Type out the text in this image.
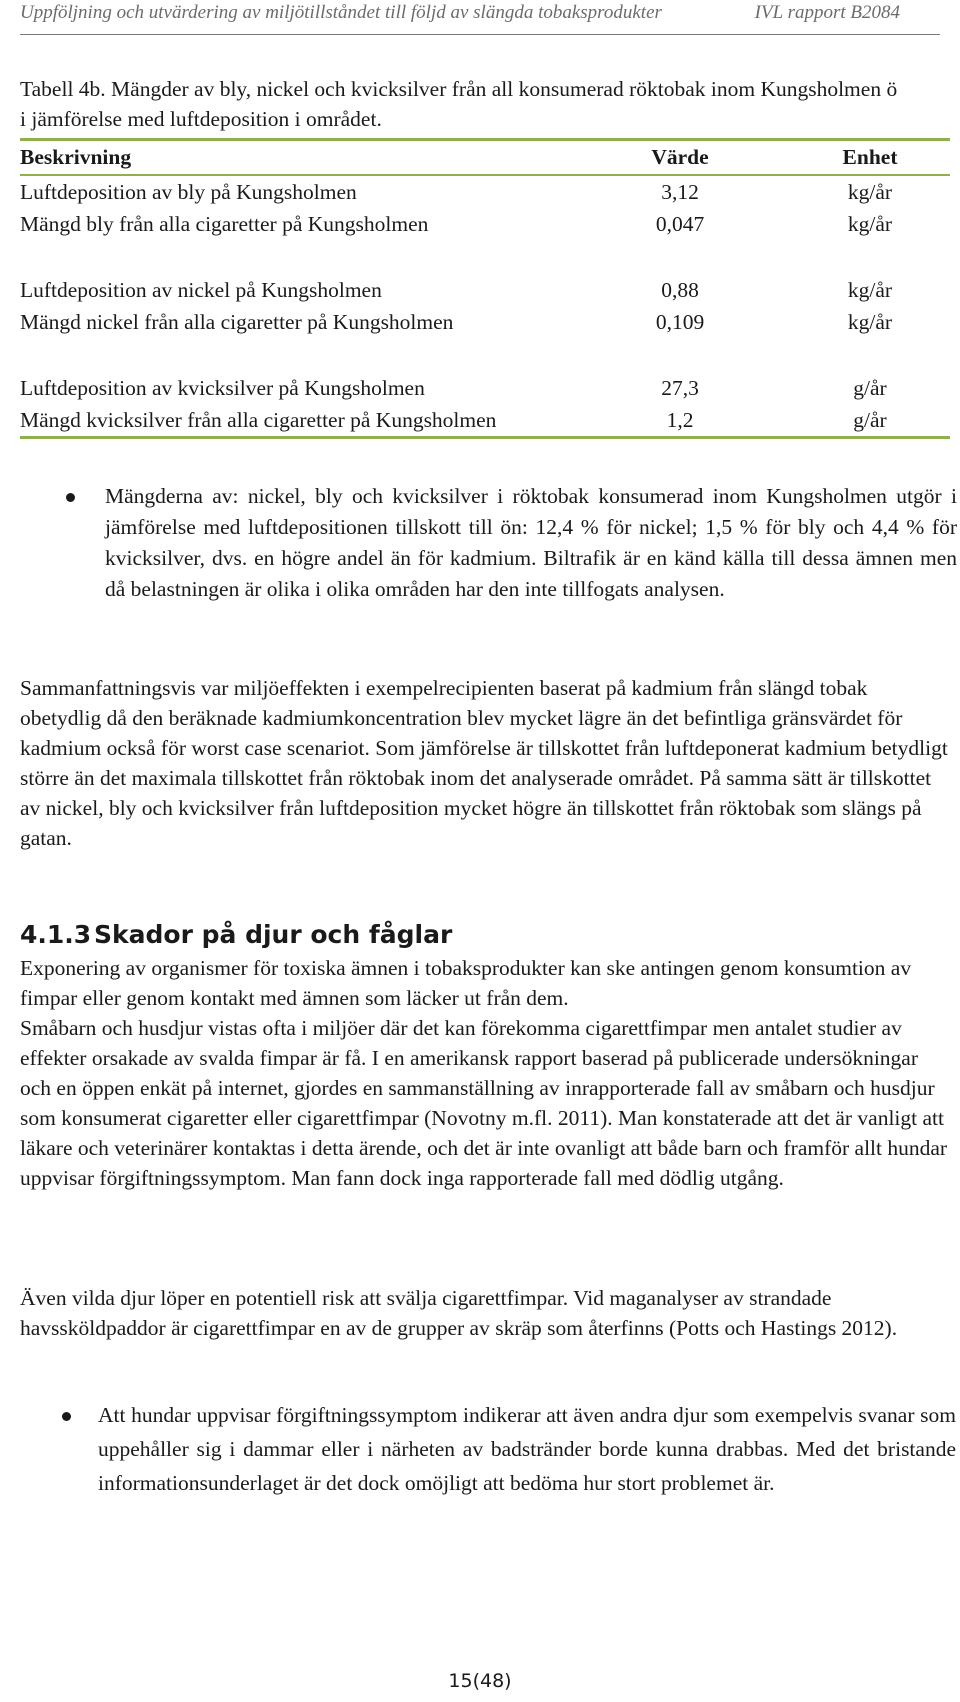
Uppföljning och utvärdering av miljötillståndet till följd av slängda tobaksprodukter	IVL rapport B2084
Tabell 4b. Mängder av bly, nickel och kvicksilver från all konsumerad röktobak inom Kungsholmen ö i jämförelse med luftdeposition i området.
Beskrivning	Värde	Enhet
Luftdeposition av bly på Kungsholmen	3,12	kg/år
Mängd bly från alla cigaretter på Kungsholmen	0,047	kg/år
Luftdeposition av nickel på Kungsholmen	0,88	kg/år
Mängd nickel från alla cigaretter på Kungsholmen	0,109	kg/år
Luftdeposition av kvicksilver på Kungsholmen	27,3	g/år
Mängd kvicksilver från alla cigaretter på Kungsholmen	1,2	g/år
Mängderna av: nickel, bly och kvicksilver i röktobak konsumerad inom Kungsholmen utgör i jämförelse med luftdepositionen tillskott till ön: 12,4 % för nickel; 1,5 % för bly och 4,4 % för kvicksilver, dvs. en högre andel än för kadmium. Biltrafik är en känd källa till dessa ämnen men då belastningen är olika i olika områden har den inte tillfogats analysen.
Sammanfattningsvis var miljöeffekten i exempelrecipienten baserat på kadmium från slängd tobak obetydlig då den beräknade kadmiumkoncentration blev mycket lägre än det befintliga gränsvärdet för kadmium också för worst case scenariot. Som jämförelse är tillskottet från luftdeponerat kadmium betydligt större än det maximala tillskottet från röktobak inom det analyserade området. På samma sätt är tillskottet av nickel, bly och kvicksilver från luftdeposition mycket högre än tillskottet från röktobak som slängs på gatan.
4.1.3 Skador på djur och fåglar
Exponering av organismer för toxiska ämnen i tobaksprodukter kan ske antingen genom konsumtion av fimpar eller genom kontakt med ämnen som läcker ut från dem.
Småbarn och husdjur vistas ofta i miljöer där det kan förekomma cigarettfimpar men antalet studier av effekter orsakade av svalda fimpar är få. I en amerikansk rapport baserad på publicerade undersökningar och en öppen enkät på internet, gjordes en sammanställning av inrapporterade fall av småbarn och husdjur som konsumerat cigaretter eller cigarettfimpar (Novotny m.fl. 2011). Man konstaterade att det är vanligt att läkare och veterinärer kontaktas i detta ärende, och det är inte ovanligt att både barn och framför allt hundar uppvisar förgiftningssymptom. Man fann dock inga rapporterade fall med dödlig utgång.
Även vilda djur löper en potentiell risk att svälja cigarettfimpar. Vid maganalyser av strandade havssköldpaddor är cigarettfimpar en av de grupper av skräp som återfinns (Potts och Hastings 2012).
Att hundar uppvisar förgiftningssymptom indikerar att även andra djur som exempelvis svanar som uppehåller sig i dammar eller i närheten av badstränder borde kunna drabbas. Med det bristande informationsunderlaget är det dock omöjligt att bedöma hur stort problemet är.
15(48)
